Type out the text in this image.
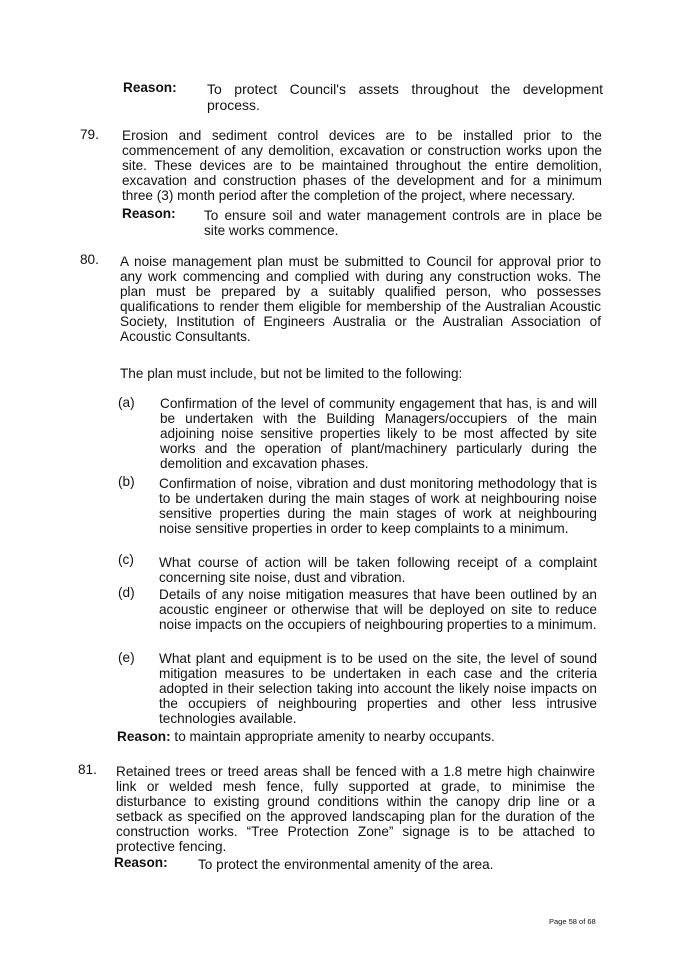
Reason: To protect Council's assets throughout the development process.
79. Erosion and sediment control devices are to be installed prior to the commencement of any demolition, excavation or construction works upon the site. These devices are to be maintained throughout the entire demolition, excavation and construction phases of the development and for a minimum three (3) month period after the completion of the project, where necessary.
Reason: To ensure soil and water management controls are in place be site works commence.
80. A noise management plan must be submitted to Council for approval prior to any work commencing and complied with during any construction woks. The plan must be prepared by a suitably qualified person, who possesses qualifications to render them eligible for membership of the Australian Acoustic Society, Institution of Engineers Australia or the Australian Association of Acoustic Consultants.
The plan must include, but not be limited to the following:
(a) Confirmation of the level of community engagement that has, is and will be undertaken with the Building Managers/occupiers of the main adjoining noise sensitive properties likely to be most affected by site works and the operation of plant/machinery particularly during the demolition and excavation phases.
(b) Confirmation of noise, vibration and dust monitoring methodology that is to be undertaken during the main stages of work at neighbouring noise sensitive properties during the main stages of work at neighbouring noise sensitive properties in order to keep complaints to a minimum.
(c) What course of action will be taken following receipt of a complaint concerning site noise, dust and vibration.
(d) Details of any noise mitigation measures that have been outlined by an acoustic engineer or otherwise that will be deployed on site to reduce noise impacts on the occupiers of neighbouring properties to a minimum.
(e) What plant and equipment is to be used on the site, the level of sound mitigation measures to be undertaken in each case and the criteria adopted in their selection taking into account the likely noise impacts on the occupiers of neighbouring properties and other less intrusive technologies available.
Reason: to maintain appropriate amenity to nearby occupants.
81. Retained trees or treed areas shall be fenced with a 1.8 metre high chainwire link or welded mesh fence, fully supported at grade, to minimise the disturbance to existing ground conditions within the canopy drip line or a setback as specified on the approved landscaping plan for the duration of the construction works. “Tree Protection Zone” signage is to be attached to protective fencing.
Reason: To protect the environmental amenity of the area.
Page 58 of 68
